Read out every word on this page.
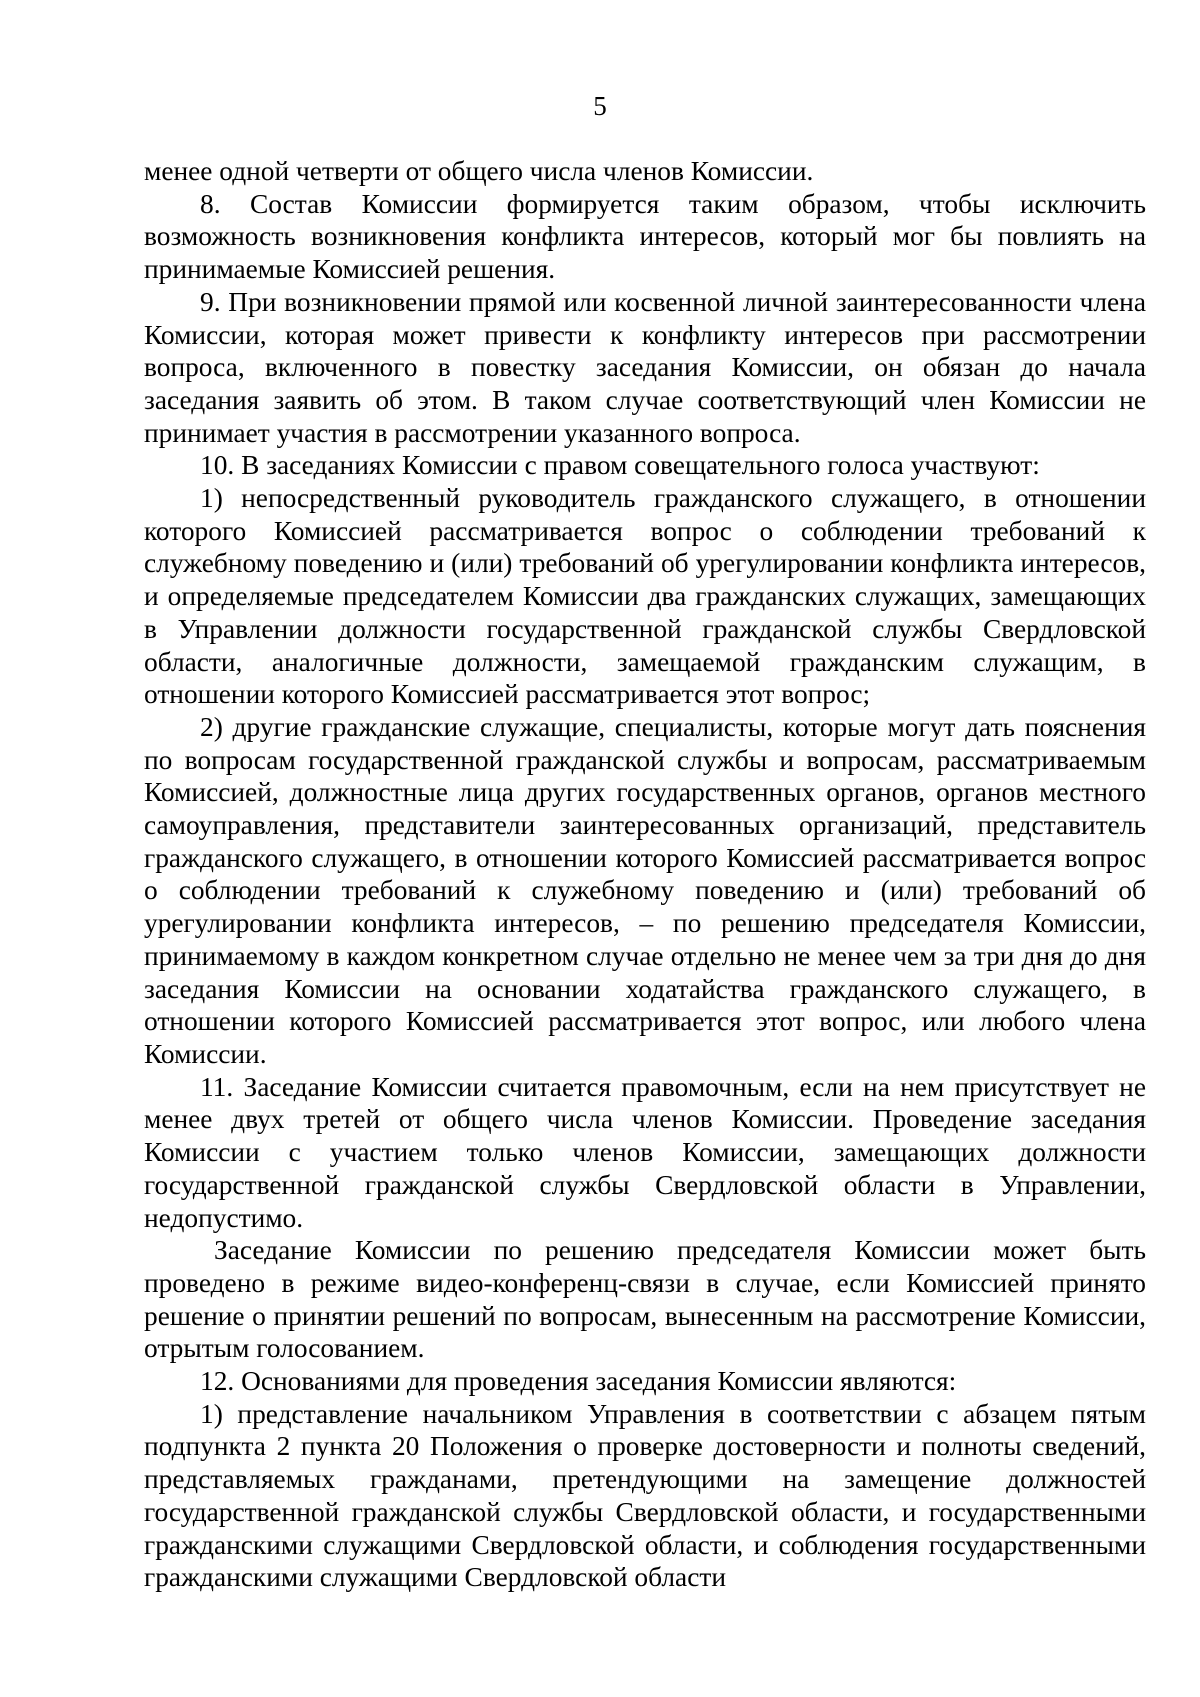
5

менее одной четверти от общего числа членов Комиссии.

8. Состав Комиссии формируется таким образом, чтобы исключить возможность возникновения конфликта интересов, который мог бы повлиять на принимаемые Комиссией решения.

9. При возникновении прямой или косвенной личной заинтересованности члена Комиссии, которая может привести к конфликту интересов при рассмотрении вопроса, включенного в повестку заседания Комиссии, он обязан до начала заседания заявить об этом. В таком случае соответствующий член Комиссии не принимает участия в рассмотрении указанного вопроса.

10. В заседаниях Комиссии с правом совещательного голоса участвуют:

1) непосредственный руководитель гражданского служащего, в отношении которого Комиссией рассматривается вопрос о соблюдении требований к служебному поведению и (или) требований об урегулировании конфликта интересов, и определяемые председателем Комиссии два гражданских служащих, замещающих в Управлении должности государственной гражданской службы Свердловской области, аналогичные должности, замещаемой гражданским служащим, в отношении которого Комиссией рассматривается этот вопрос;

2) другие гражданские служащие, специалисты, которые могут дать пояснения по вопросам государственной гражданской службы и вопросам, рассматриваемым Комиссией, должностные лица других государственных органов, органов местного самоуправления, представители заинтересованных организаций, представитель гражданского служащего, в отношении которого Комиссией рассматривается вопрос о соблюдении требований к служебному поведению и (или) требований об урегулировании конфликта интересов, – по решению председателя Комиссии, принимаемому в каждом конкретном случае отдельно не менее чем за три дня до дня заседания Комиссии на основании ходатайства гражданского служащего, в отношении которого Комиссией рассматривается этот вопрос, или любого члена Комиссии.

11. Заседание Комиссии считается правомочным, если на нем присутствует не менее двух третей от общего числа членов Комиссии. Проведение заседания Комиссии с участием только членов Комиссии, замещающих должности государственной гражданской службы Свердловской области в Управлении, недопустимо.

Заседание Комиссии по решению председателя Комиссии может быть проведено в режиме видео-конференц-связи в случае, если Комиссией принято решение о принятии решений по вопросам, вынесенным на рассмотрение Комиссии, отрытым голосованием.

12. Основаниями для проведения заседания Комиссии являются:

1) представление начальником Управления в соответствии с абзацем пятым подпункта 2 пункта 20 Положения о проверке достоверности и полноты сведений, представляемых гражданами, претендующими на замещение должностей государственной гражданской службы Свердловской области, и государственными гражданскими служащими Свердловской области, и соблюдения государственными гражданскими служащими Свердловской области
